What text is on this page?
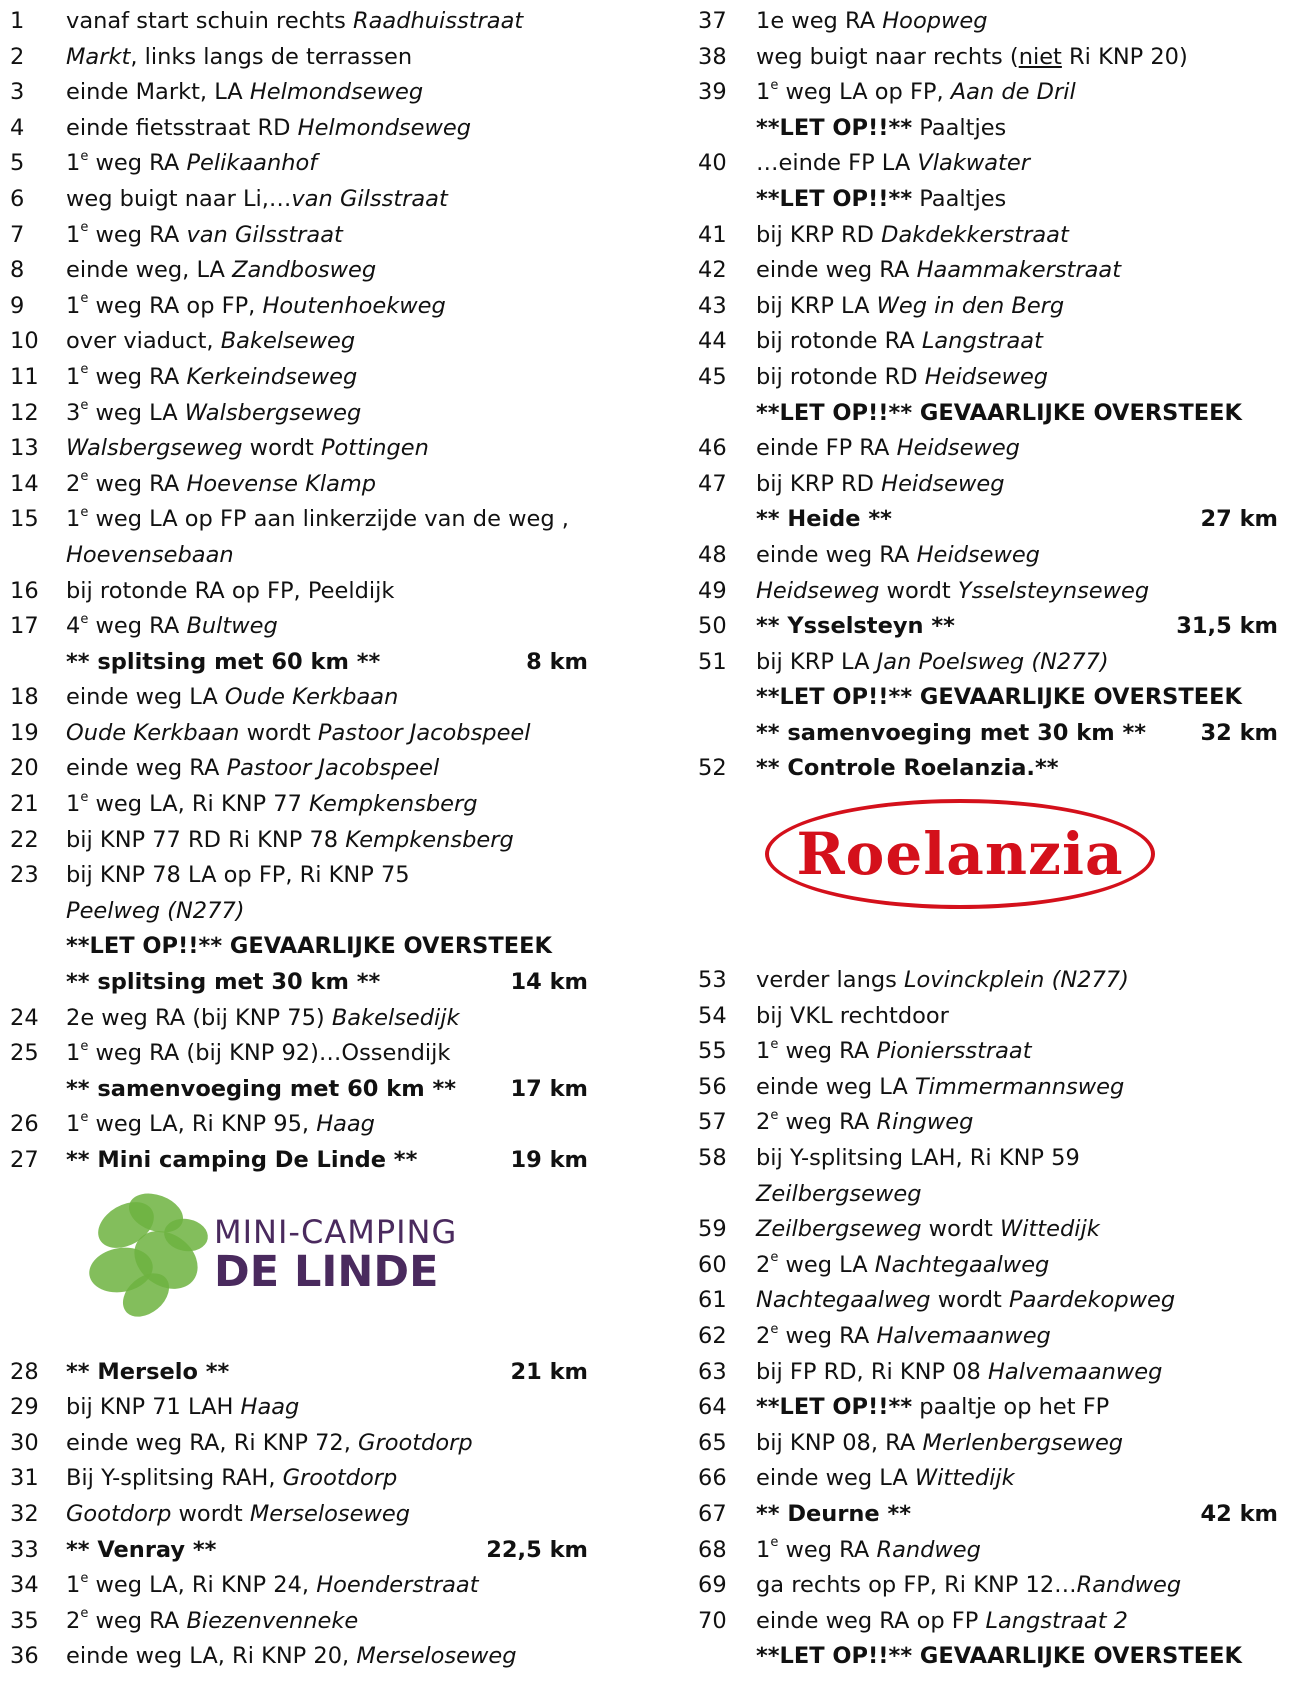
1	vanaf start schuin rechts Raadhuisstraat
2	Markt, links langs de terrassen
3	einde Markt, LA Helmondseweg
4	einde fietsstraat RD Helmondseweg
5	1e weg RA Pelikaanhof
6	weg buigt naar Li,…van Gilsstraat
7	1e weg RA van Gilsstraat
8	einde weg, LA Zandbosweg
9	1e weg RA op FP, Houtenhoekweg
10	over viaduct, Bakelseweg
11	1e weg RA Kerkeindseweg
12	3e weg LA Walsbergseweg
13	Walsbergseweg wordt Pottingen
14	2e weg RA Hoevense Klamp
15	1e weg LA op FP aan linkerzijde van de weg ,
Hoevensebaan
16	bij rotonde RA op FP, Peeldijk
17	4e weg RA Bultweg
** splitsing met 60 km **	8 km
18	einde weg LA Oude Kerkbaan
19	Oude Kerkbaan wordt Pastoor Jacobspeel
20	einde weg RA Pastoor Jacobspeel
21	1e weg LA, Ri KNP 77 Kempkensberg
22	bij KNP 77 RD Ri KNP 78 Kempkensberg
23	bij KNP 78 LA op FP, Ri KNP 75
Peelweg (N277)
**LET OP!!** GEVAARLIJKE OVERSTEEK
** splitsing met 30 km **	14 km
24	2e weg RA (bij KNP 75) Bakelsedijk
25	1e weg RA (bij KNP 92)…Ossendijk
** samenvoeging met 60 km ** 17 km
26	1e weg LA, Ri KNP 95, Haag
27	** Mini camping De Linde **	19 km
MINI-CAMPING
DE LINDE
28	** Merselo **	21 km
29	bij KNP 71 LAH Haag
30	einde weg RA, Ri KNP 72, Grootdorp
31	Bij Y-splitsing RAH, Grootdorp
32	Gootdorp wordt Merseloseweg
33	** Venray **	22,5 km
34	1e weg LA, Ri KNP 24, Hoenderstraat
35	2e weg RA Biezenvenneke
36	einde weg LA, Ri KNP 20, Merseloseweg
37	1e weg RA Hoopweg
38	weg buigt naar rechts (niet Ri KNP 20)
39	1e weg LA op FP, Aan de Dril
**LET OP!!** Paaltjes
40	…einde FP LA Vlakwater
**LET OP!!** Paaltjes
41	bij KRP RD Dakdekkerstraat
42	einde weg RA Haammakerstraat
43	bij KRP LA Weg in den Berg
44	bij rotonde RA Langstraat
45	bij rotonde RD Heidseweg
**LET OP!!** GEVAARLIJKE OVERSTEEK
46	einde FP RA Heidseweg
47	bij KRP RD Heidseweg
** Heide **	27 km
48	einde weg RA Heidseweg
49	Heidseweg wordt Ysselsteynseweg
50	** Ysselsteyn **	31,5 km
51	bij KRP LA Jan Poelsweg (N277)
**LET OP!!** GEVAARLIJKE OVERSTEEK
** samenvoeging met 30 km ** 32 km
52	** Controle Roelanzia.**
Roelanzia
53	verder langs Lovinckplein (N277)
54	bij VKL rechtdoor
55	1e weg RA Pioniersstraat
56	einde weg LA Timmermannsweg
57	2e weg RA Ringweg
58	bij Y-splitsing LAH, Ri KNP 59
Zeilbergseweg
59	Zeilbergseweg wordt Wittedijk
60	2e weg LA Nachtegaalweg
61	Nachtegaalweg wordt Paardekopweg
62	2e weg RA Halvemaanweg
63	bij FP RD, Ri KNP 08 Halvemaanweg
64	**LET OP!!** paaltje op het FP
65	bij KNP 08, RA Merlenbergseweg
66	einde weg LA Wittedijk
67	** Deurne **	42 km
68	1e weg RA Randweg
69	ga rechts op FP, Ri KNP 12…Randweg
70	einde weg RA op FP Langstraat 2
**LET OP!!** GEVAARLIJKE OVERSTEEK
